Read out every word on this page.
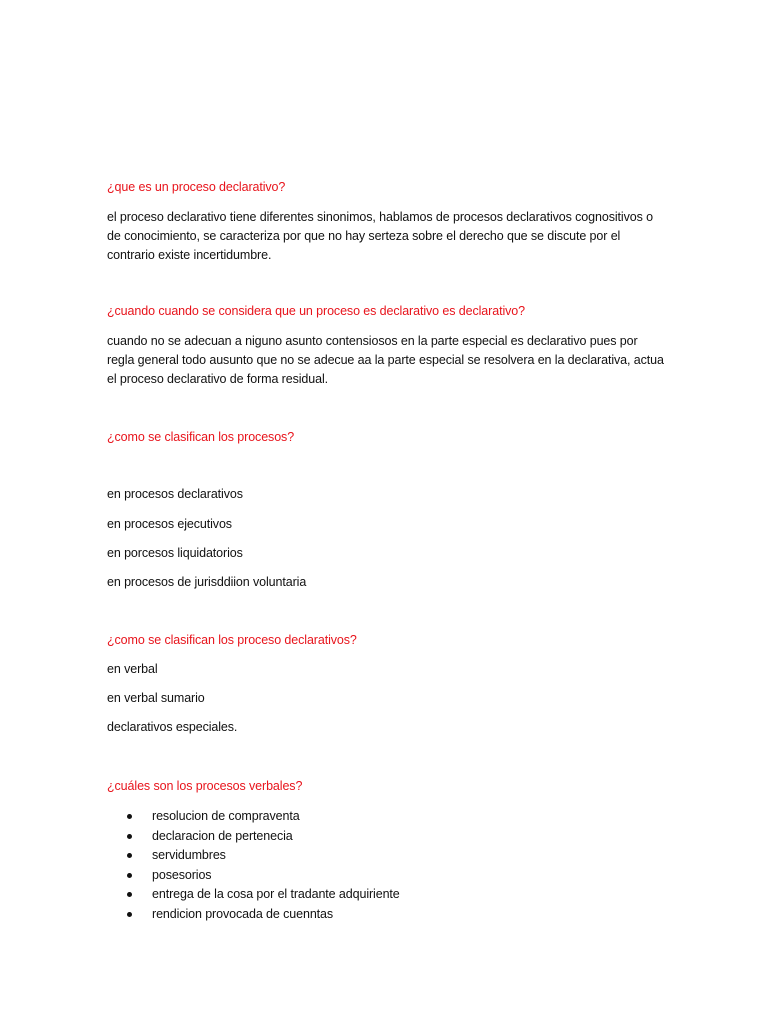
¿que es un proceso declarativo?
el proceso declarativo tiene diferentes sinonimos, hablamos de procesos declarativos cognositivos o de conocimiento, se caracteriza por que no hay serteza sobre el derecho que se discute por el contrario existe incertidumbre.
¿cuando cuando se considera que un proceso es declarativo es declarativo?
cuando no se adecuan a niguno asunto contensiosos en la parte especial es declarativo pues por regla general todo ausunto que no se adecue aa la parte especial se resolvera en la declarativa, actua el proceso declarativo de forma residual.
¿como se clasifican los procesos?
en procesos declarativos
en procesos ejecutivos
en porcesos liquidatorios
en procesos de jurisddiion voluntaria
¿como se clasifican los proceso declarativos?
en verbal
en verbal sumario
declarativos especiales.
¿cuáles son los procesos verbales?
resolucion de compraventa
declaracion de pertenecia
servidumbres
posesorios
entrega de la cosa por el tradante adquiriente
rendicion provocada de cuenntas
